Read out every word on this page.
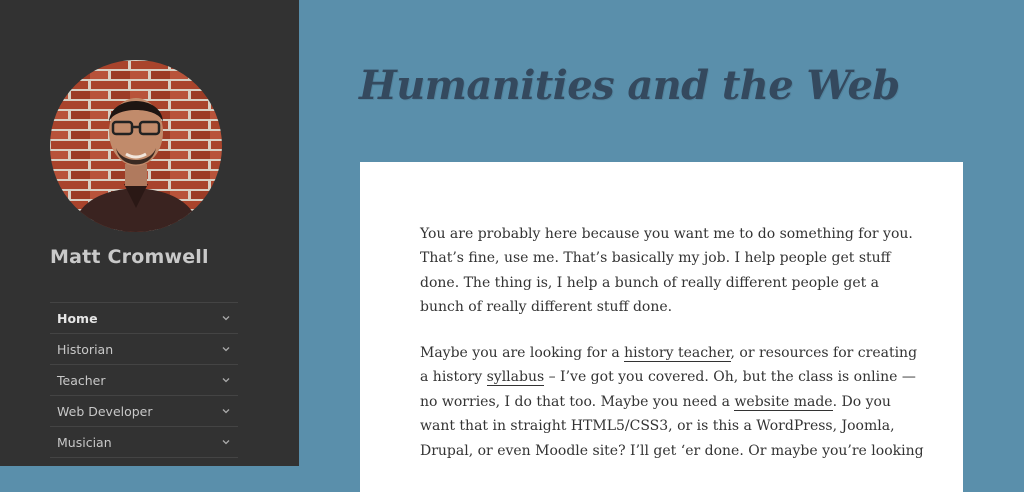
Matt Cromwell
Home
Historian
Teacher
Web Developer
Musician
Humanities and the Web

You are probably here because you want me to do something for you.
That’s fine, use me. That’s basically my job. I help people get stuff
done. The thing is, I help a bunch of really different people get a
bunch of really different stuff done.

Maybe you are looking for a history teacher, or resources for creating
a history syllabus – I’ve got you covered. Oh, but the class is online —
no worries, I do that too. Maybe you need a website made. Do you
want that in straight HTML5/CSS3, or is this a WordPress, Joomla,
Drupal, or even Moodle site? I’ll get ‘er done. Or maybe you’re looking
